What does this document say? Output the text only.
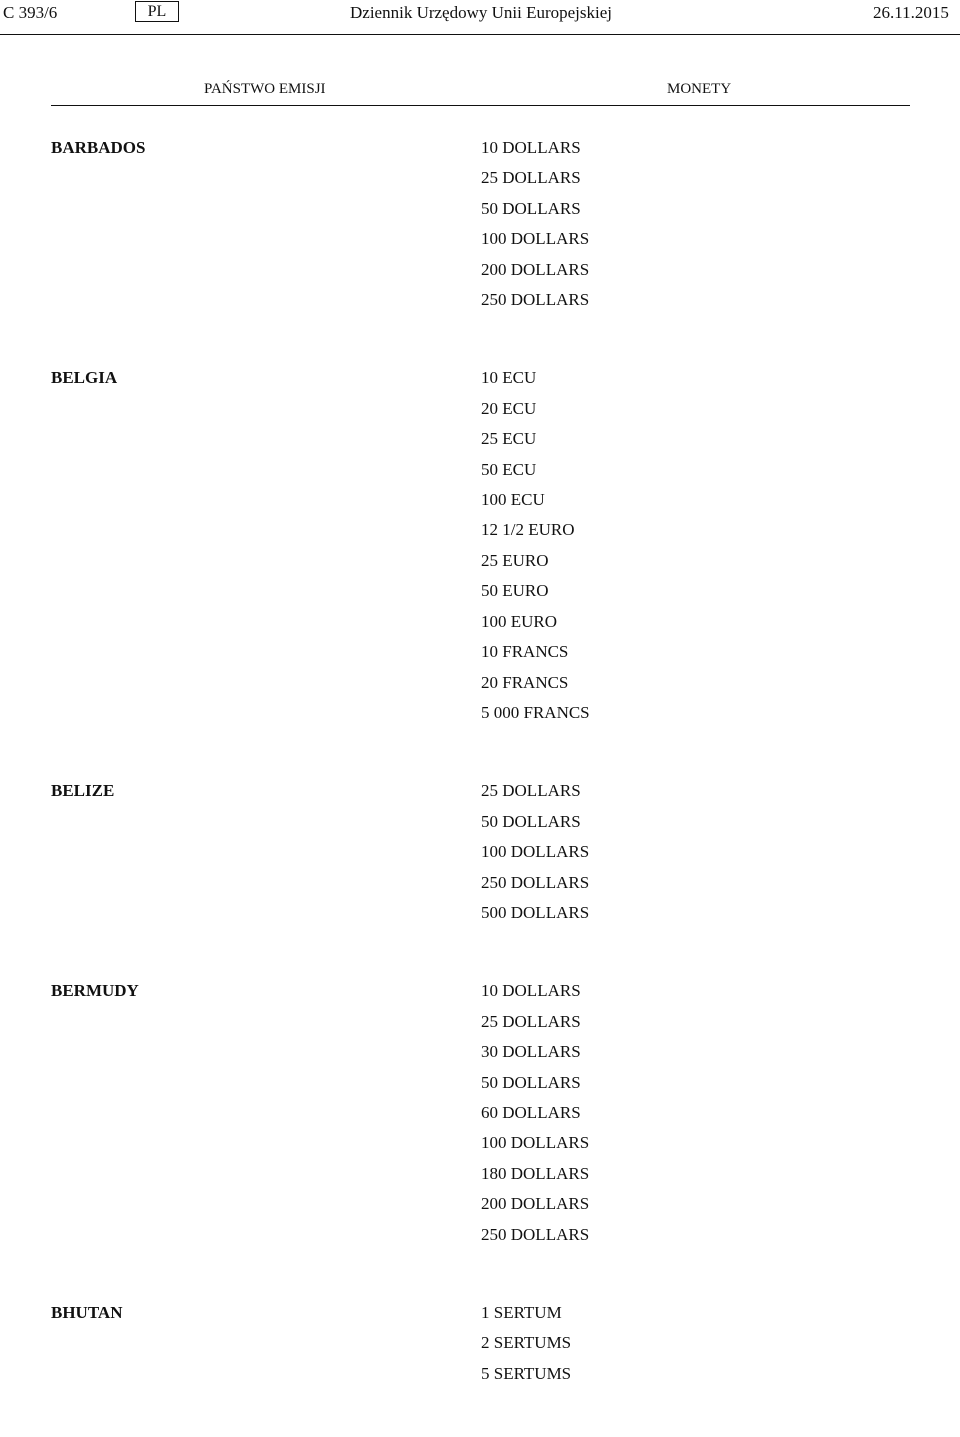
C 393/6	PL	Dziennik Urzędowy Unii Europejskiej	26.11.2015
PAŃSTWO EMISJI	MONETY
BARBADOS	10 DOLLARS
25 DOLLARS
50 DOLLARS
100 DOLLARS
200 DOLLARS
250 DOLLARS
BELGIA	10 ECU
20 ECU
25 ECU
50 ECU
100 ECU
12 1/2 EURO
25 EURO
50 EURO
100 EURO
10 FRANCS
20 FRANCS
5 000 FRANCS
BELIZE	25 DOLLARS
50 DOLLARS
100 DOLLARS
250 DOLLARS
500 DOLLARS
BERMUDY	10 DOLLARS
25 DOLLARS
30 DOLLARS
50 DOLLARS
60 DOLLARS
100 DOLLARS
180 DOLLARS
200 DOLLARS
250 DOLLARS
BHUTAN	1 SERTUM
2 SERTUMS
5 SERTUMS
